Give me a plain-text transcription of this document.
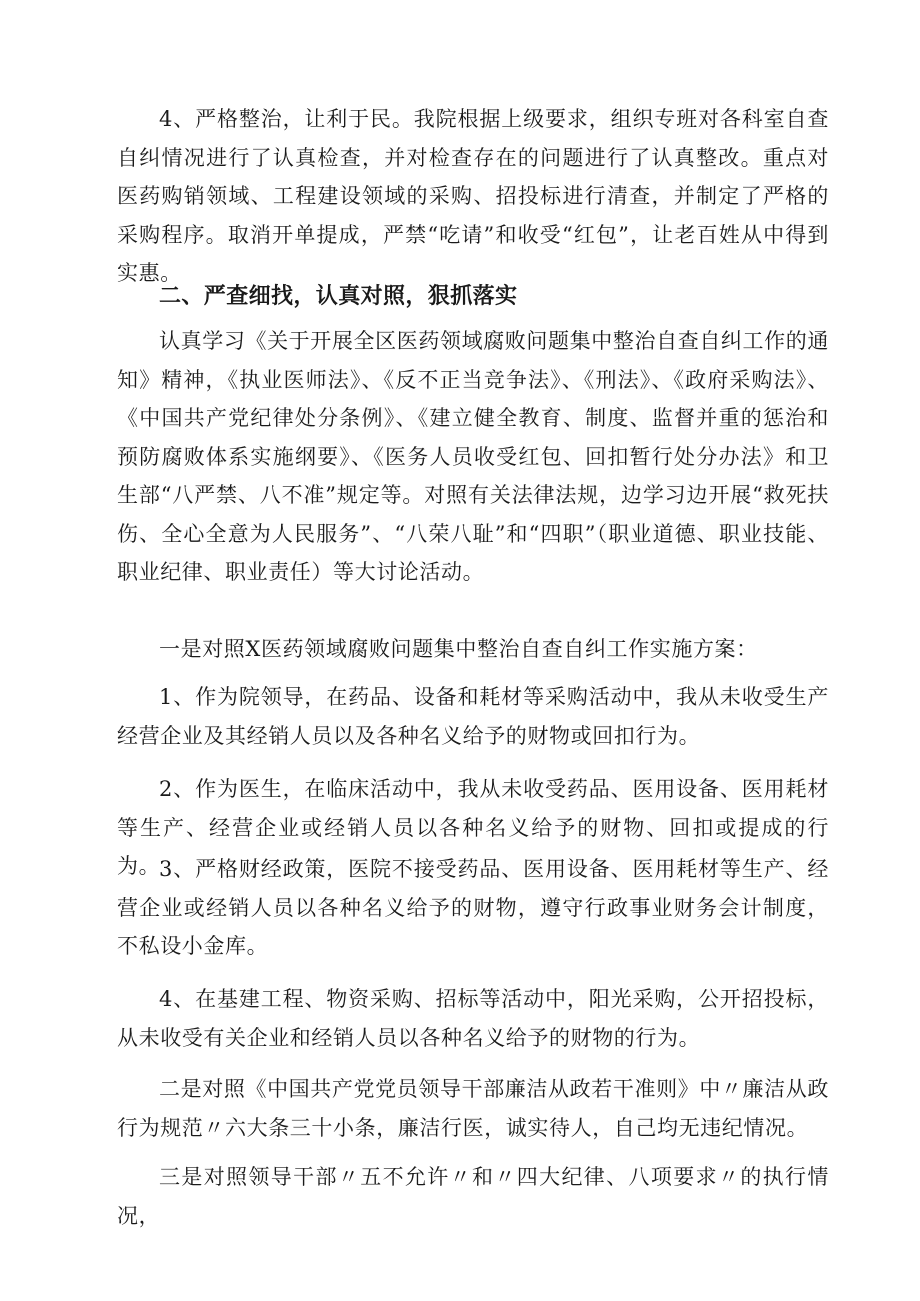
4、严格整治，让利于民。我院根据上级要求，组织专班对各科室自查自纠情况进行了认真检查，并对检查存在的问题进行了认真整改。重点对医药购销领域、工程建设领域的采购、招投标进行清查，并制定了严格的采购程序。取消开单提成，严禁“吃请”和收受“红包”，让老百姓从中得到实惠。

二、严查细找，认真对照，狠抓落实

认真学习《关于开展全区医药领域腐败问题集中整治自查自纠工作的通知》精神，《执业医师法》、《反不正当竞争法》、《刑法》、《政府采购法》、《中国共产党纪律处分条例》、《建立健全教育、制度、监督并重的惩治和预防腐败体系实施纲要》、《医务人员收受红包、回扣暂行处分办法》和卫生部“八严禁、八不准”规定等。对照有关法律法规，边学习边开展“救死扶伤、全心全意为人民服务”、“八荣八耻”和“四职”（职业道德、职业技能、职业纪律、职业责任）等大讨论活动。

一是对照X医药领域腐败问题集中整治自查自纠工作实施方案：

1、作为院领导，在药品、设备和耗材等采购活动中，我从未收受生产经营企业及其经销人员以及各种名义给予的财物或回扣行为。

2、作为医生，在临床活动中，我从未收受药品、医用设备、医用耗材等生产、经营企业或经销人员以各种名义给予的财物、回扣或提成的行为。

3、严格财经政策，医院不接受药品、医用设备、医用耗材等生产、经营企业或经销人员以各种名义给予的财物，遵守行政事业财务会计制度，不私设小金库。

4、在基建工程、物资采购、招标等活动中，阳光采购，公开招投标，从未收受有关企业和经销人员以各种名义给予的财物的行为。

二是对照《中国共产党党员领导干部廉洁从政若干准则》中〃廉洁从政行为规范〃六大条三十小条，廉洁行医，诚实待人，自己均无违纪情况。

三是对照领导干部〃五不允许〃和〃四大纪律、八项要求〃的执行情况，
